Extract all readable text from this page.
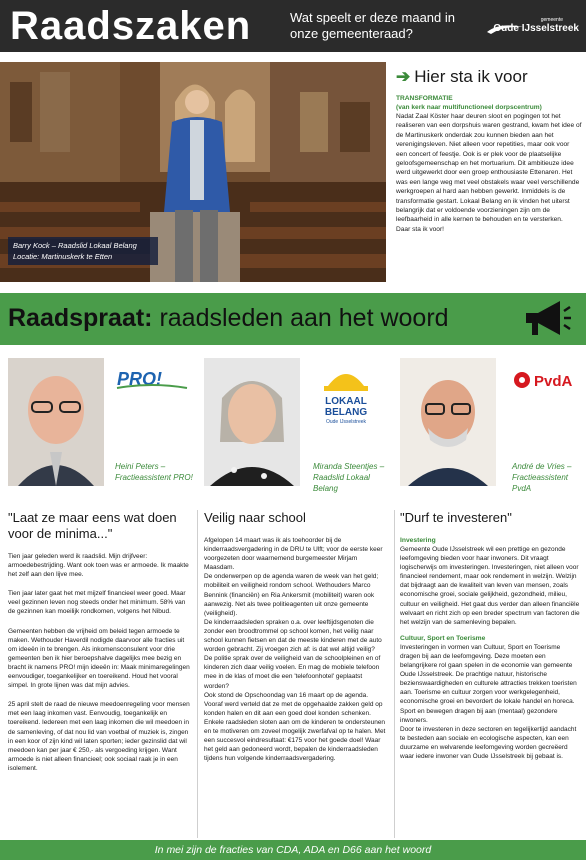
Raadszaken	Wat speelt er deze maand in onze gemeenteraad?
gemeente
Oude IJsselstreek
Barry Kock – Raadslid Lokaal Belang
Locatie: Martinuskerk te Etten
➔ Hier sta ik voor
TRANSFORMATIE
(van kerk naar multifunctioneel dorpscentrum)
Nadat Zaal Köster haar deuren sloot en pogingen tot het realiseren van een dorpshuis waren gestrand, kwam het idee of de Martinuskerk onderdak zou kunnen bieden aan het verenigingsleven. Niet alleen voor repetities, maar ook voor een concert of feestje. Ook is er plek voor de plaatselijke geloofsgemeenschap en het mortuarium. Dit ambitieuze idee werd uitgewerkt door een groep enthousiaste Ettenaren. Het was een lange weg met veel obstakels waar veel verschillende werkgroepen al hard aan hebben gewerkt. Inmiddels is de transformatie gestart. Lokaal Belang en ik vinden het uiterst belangrijk dat er voldoende voorzieningen zijn om de leefbaarheid in alle kernen te behouden en te versterken.
Daar sta ik voor!
Raadspraat: raadsleden aan het woord
PRO!
Heini Peters – Fractieassistent PRO!
LOKAAL
BELANG
Oude IJsselstreek
Miranda Steentjes – Raadslid Lokaal Belang
PvdA
André de Vries – Fractieassistent PvdA
"Laat ze maar eens wat doen voor de minima..."
Tien jaar geleden werd ik raadslid. Mijn drijfveer: armoedebestrijding. Want ook toen was er armoede. Ik maakte het zelf aan den lijve mee.
Tien jaar later gaat het met mijzelf financieel weer goed. Maar veel gezinnen leven nog steeds onder het minimum. 58% van de gezinnen kan moeilijk rondkomen, volgens het Nibud.
Gemeenten hebben de vrijheid om beleid tegen armoede te maken. Wethouder Haverdil nodigde daarvoor alle fracties uit om ideeën in te brengen. Als inkomensconsulent voor drie gemeenten ben ik hier beroepshalve dagelijks mee bezig en bracht ik namens PRO! mijn ideeën in: Maak minimaregelingen eenvoudiger, toegankelijker en toereikend. Houd het vooral simpel. In grote lijnen was dat mijn advies.
25 april stelt de raad de nieuwe meedoenregeling voor mensen met een laag inkomen vast. Eenvoudig, toegankelijk en toereikend. Iedereen met een laag inkomen die wil meedoen in de samenleving, of dat nou lid van voetbal of muziek is, zingen in een koor of zijn kind wil laten sporten; ieder gezinslid dat wil meedoen kan per jaar € 250,- als vergoeding krijgen. Want armoede is niet alleen financieel; ook sociaal raak je in een isolement.
Veilig naar school
Afgelopen 14 maart was ik als toehoorder bij de kinderraadsvergadering in de DRU te Ulft; voor de eerste keer voorgezeten door waarnemend burgemeester Mirjam Maasdam.
De onderwerpen op de agenda waren de week van het geld; mobiliteit en veiligheid rondom school. Wethouders Marco Bennink (financiën) en Ria Ankersmit (mobiliteit) waren ook aanwezig. Net als twee politieagenten uit onze gemeente (veiligheid).
De kinderraadsleden spraken o.a. over leeftijdsgenoten die zonder een broodtrommel op school komen, het veilig naar school kunnen fietsen en dat de meeste kinderen met de auto worden gebracht. Zij vroegen zich af: is dat wel altijd veilig?
De politie sprak over de veiligheid van de schoolpleinen en of kinderen zich daar veilig voelen. En mag de mobiele telefoon mee in de klas of moet die een 'telefoonhotel' geplaatst worden?
Ook stond de Opschoondag van 16 maart op de agenda. Vooraf werd verteld dat ze met de opgehaalde zakken geld op konden halen en dit aan een goed doel konden schenken. Enkele raadsleden sloten aan om de kinderen te ondersteunen en te motiveren om zoveel mogelijk zwerfafval op te halen. Met een succesvol eindresultaat: €175 voor het goede doel! Waar het geld aan gedoneerd wordt, bepalen de kinderraadsleden tijdens hun volgende kinderraadsvergadering.
"Durf te investeren"
Investering
Gemeente Oude IJsselstreek wil een prettige en gezonde leefomgeving bieden voor haar inwoners. Dit vraagt logischerwijs om investeringen. Investeringen, niet alleen voor financieel rendement, maar ook rendement in welzijn. Welzijn dat bijdraagt aan de kwaliteit van leven van mensen, zoals economische groei, sociale gelijkheid, gezondheid, milieu, cultuur en veiligheid. Het gaat dus verder dan alleen financiële welvaart en richt zich op een breder spectrum van factoren die het welzijn van de samenleving bepalen.
Cultuur, Sport en Toerisme
Investeringen in vormen van Cultuur, Sport en Toerisme dragen bij aan de leefomgeving. Deze moeten een belangrijkere rol gaan spelen in de economie van gemeente Oude IJsselstreek. De prachtige natuur, historische bezienswaardigheden en culturele attracties trekken toeristen aan. Toerisme en cultuur zorgen voor werkgelegenheid, economische groei en bevordert de lokale handel en horeca. Sport en bewegen dragen bij aan (mentaal) gezondere inwoners.
Door te investeren in deze sectoren en tegelijkertijd aandacht te besteden aan sociale en ecologische aspecten, kan een duurzame en welvarende leefomgeving worden gecreëerd waar iedere inwoner van Oude IJsselstreek bij gebaat is.
In mei zijn de fracties van CDA, ADA en D66 aan het woord
